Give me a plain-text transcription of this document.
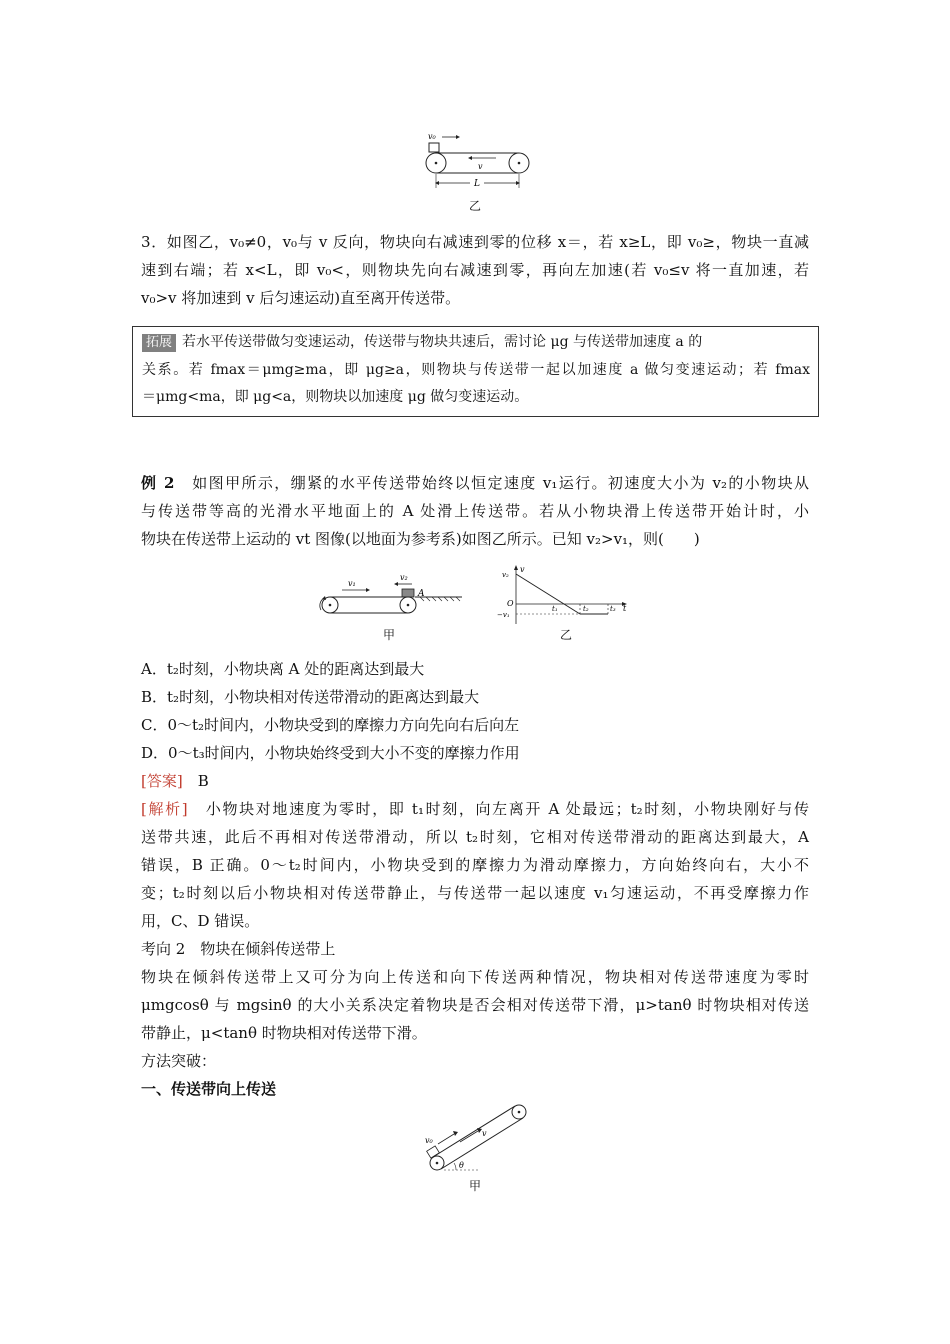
v₀
v
L
乙
3．如图乙，v₀≠0，v₀与 v 反向，物块向右减速到零的位移 x＝，若 x≥L，即 v₀≥，物块一直减
速到右端；若 x<L，即 v₀<，则物块先向右减速到零，再向左加速(若 v₀≤v 将一直加速，若
v₀>v 将加速到 v 后匀速运动)直至离开传送带。
拓展 若水平传送带做匀变速运动，传送带与物块共速后，需讨论 μg 与传送带加速度 a 的
关系。若 fmax＝μmg≥ma，即 μg≥a，则物块与传送带一起以加速度 a 做匀变速运动；若 fmax
＝μmg<ma，即 μg<a，则物块以加速度 μg 做匀变速运动。
例 2　 如图甲所示，绷紧的水平传送带始终以恒定速度 v₁运行。初速度大小为 v₂的小物块从
与传送带等高的光滑水平地面上的 A 处滑上传送带。若从小物块滑上传送带开始计时，小
物块在传送带上运动的 vt 图像(以地面为参考系)如图乙所示。已知 v₂>v₁，则(　　)
v₁
v₂
A
甲
v
t
O
v₂
−v₁
t₁	t₂	t₃
乙
A．t₂时刻，小物块离 A 处的距离达到最大
B．t₂时刻，小物块相对传送带滑动的距离达到最大
C．0～t₂时间内，小物块受到的摩擦力方向先向右后向左
D．0～t₃时间内，小物块始终受到大小不变的摩擦力作用
[答案]　 B
[解析]　 小物块对地速度为零时，即 t₁时刻，向左离开 A 处最远；t₂时刻，小物块刚好与传
送带共速，此后不再相对传送带滑动，所以 t₂时刻，它相对传送带滑动的距离达到最大，A
错误，B 正确。0～t₂时间内，小物块受到的摩擦力为滑动摩擦力，方向始终向右，大小不
变；t₂时刻以后小物块相对传送带静止，与传送带一起以速度 v₁匀速运动，不再受摩擦力作
用，C、D 错误。
考向 2　物块在倾斜传送带上
物块在倾斜传送带上又可分为向上传送和向下传送两种情况，物块相对传送带速度为零时
μmgcosθ 与 mgsinθ 的大小关系决定着物块是否会相对传送带下滑，μ>tanθ 时物块相对传送
带静止，μ<tanθ 时物块相对传送带下滑。
方法突破：
一、传送带向上传送
v₀
v
θ
甲
